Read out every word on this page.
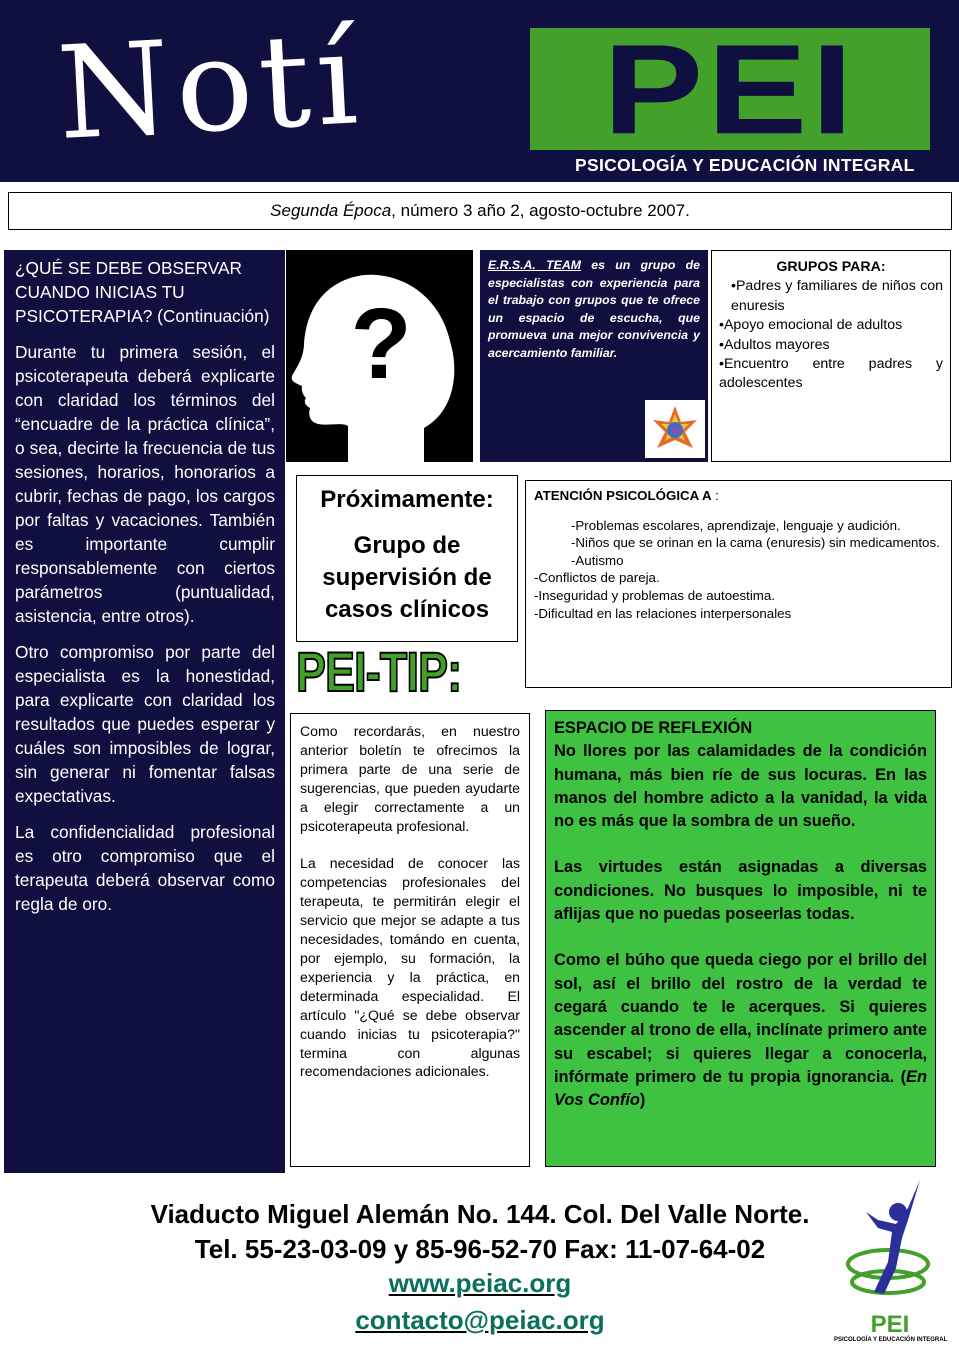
Notí	PEI
PSICOLOGÍA Y EDUCACIÓN INTEGRAL
Segunda Época, número 3 año 2, agosto-octubre 2007.
¿QUÉ SE DEBE OBSERVAR CUANDO INICIAS TU PSICOTERAPIA? (Continuación)

Durante tu primera sesión, el psicoterapeuta deberá explicarte con claridad los términos del “encuadre de la práctica clínica”, o sea, decirte la frecuencia de tus sesiones, horarios, honorarios a cubrir, fechas de pago, los cargos por faltas y vacaciones. También es importante cumplir responsablemente con ciertos parámetros (puntualidad, asistencia, entre otros).

Otro compromiso por parte del especialista es la honestidad, para explicarte con claridad los resultados que puedes esperar y cuáles son imposibles de lograr, sin generar ni fomentar falsas expectativas.

La confidencialidad profesional es otro compromiso que el terapeuta deberá observar como regla de oro.

?
E.R.S.A. TEAM es un grupo de especialistas con experiencia para el trabajo con grupos que te ofrece un espacio de escucha, que promueva una mejor convivencia y acercamiento familiar.
GRUPOS PARA:
•Padres y familiares de niños con enuresis
•Apoyo emocional de adultos
•Adultos mayores
•Encuentro entre padres y adolescentes
Próximamente:
Grupo de supervisión de casos clínicos
PEI-TIP:
ATENCIÓN PSICOLÓGICA A :
-Problemas escolares, aprendizaje, lenguaje y audición.
-Niños que se orinan en la cama (enuresis) sin medicamentos.
-Autismo
-Conflictos de pareja.
-Inseguridad y problemas de autoestima.
-Dificultad en las relaciones interpersonales

Como recordarás, en nuestro anterior boletín te ofrecimos la primera parte de una serie de sugerencias, que pueden ayudarte a elegir correctamente a un psicoterapeuta profesional.

La necesidad de conocer las competencias profesionales del terapeuta, te permitirán elegir el servicio que mejor se adapte a tus necesidades, tomándo en cuenta, por ejemplo, su formación, la experiencia y la práctica, en determinada especialidad. El artículo "¿Qué se debe observar cuando inicias tu psicoterapia?" termina con algunas recomendaciones adicionales.

ESPACIO DE REFLEXIÓN

No llores por las calamidades de la condición humana, más bien ríe de sus locuras. En las manos del hombre adicto a la vanidad, la vida no es más que la sombra de un sueño.

Las virtudes están asignadas a diversas condiciones. No busques lo imposible, ni te aflijas que no puedas poseerlas todas.

Como el búho que queda ciego por el brillo del sol, así el brillo del rostro de la verdad te cegará cuando te le acerques. Si quieres ascender al trono de ella, inclínate primero ante su escabel; si quieres llegar a conocerla, infórmate primero de tu propia ignorancia. (En Vos Confío)

Viaducto Miguel Alemán No. 144. Col. Del Valle Norte.
Tel. 55-23-03-09 y 85-96-52-70 Fax: 11-07-64-02
www.peiac.org
contacto@peiac.org	PEI
PSICOLOGÍA Y EDUCACIÓN INTEGRAL
